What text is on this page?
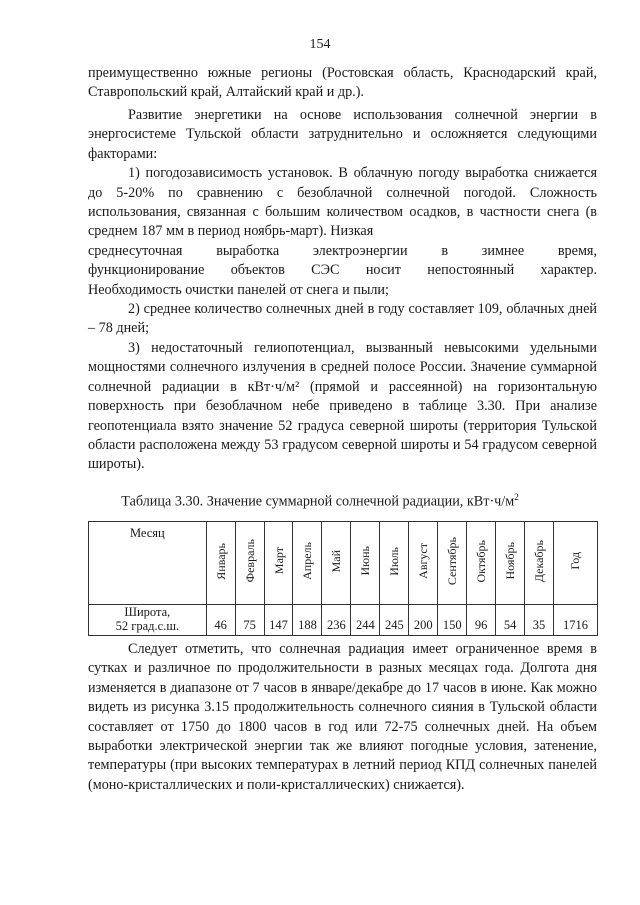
154

преимущественно южные регионы (Ростовская область, Краснодарский край, Ставропольский край, Алтайский край и др.).

Развитие энергетики на основе использования солнечной энергии в энергосистеме Тульской области затруднительно и осложняется следующими факторами:

1) погодозависимость установок. В облачную погоду выработка снижается до 5-20% по сравнению с безоблачной солнечной погодой. Сложность использования, связанная с большим количеством осадков, в частности снега (в среднем 187 мм в период ноябрь-март). Низкая

среднесуточная выработка электроэнергии в зимнее время,

функционирование объектов СЭС носит непостоянный характер.

Необходимость очистки панелей от снега и пыли;

2) среднее количество солнечных дней в году составляет 109, облачных дней – 78 дней;

3) недостаточный гелиопотенциал, вызванный невысокими удельными мощностями солнечного излучения в средней полосе России. Значение суммарной солнечной радиации в кВт·ч/м² (прямой и рассеянной) на горизонтальную поверхность при безоблачном небе приведено в таблице 3.30. При анализе геопотенциала взято значение 52 градуса северной широты (территория Тульской области расположена между 53 градусом северной широты и 54 градусом северной широты).

Таблица 3.30. Значение суммарной солнечной радиации, $кВт\cdot ч/м^2$
Месяц	Январь	Февраль	Март	Апрель	Май	Июнь	Июль	Август	Сентябрь	Октябрь	Ноябрь	Декабрь	Год
Широта,
52 град.с.ш.	46	75	147	188	236	244	245	200	150	96	54	35	1716

Следует отметить, что солнечная радиация имеет ограниченное время в сутках и различное по продолжительности в разных месяцах года. Долгота дня изменяется в диапазоне от 7 часов в январе/декабре до 17 часов в июне. Как можно видеть из рисунка 3.15 продолжительность солнечного сияния в Тульской области составляет от 1750 до 1800 часов в год или 72-75 солнечных дней. На объем выработки электрической энергии так же влияют погодные условия, затенение, температуры (при высоких температурах в летний период КПД солнечных панелей (моно-кристаллических и поли-кристаллических) снижается).
